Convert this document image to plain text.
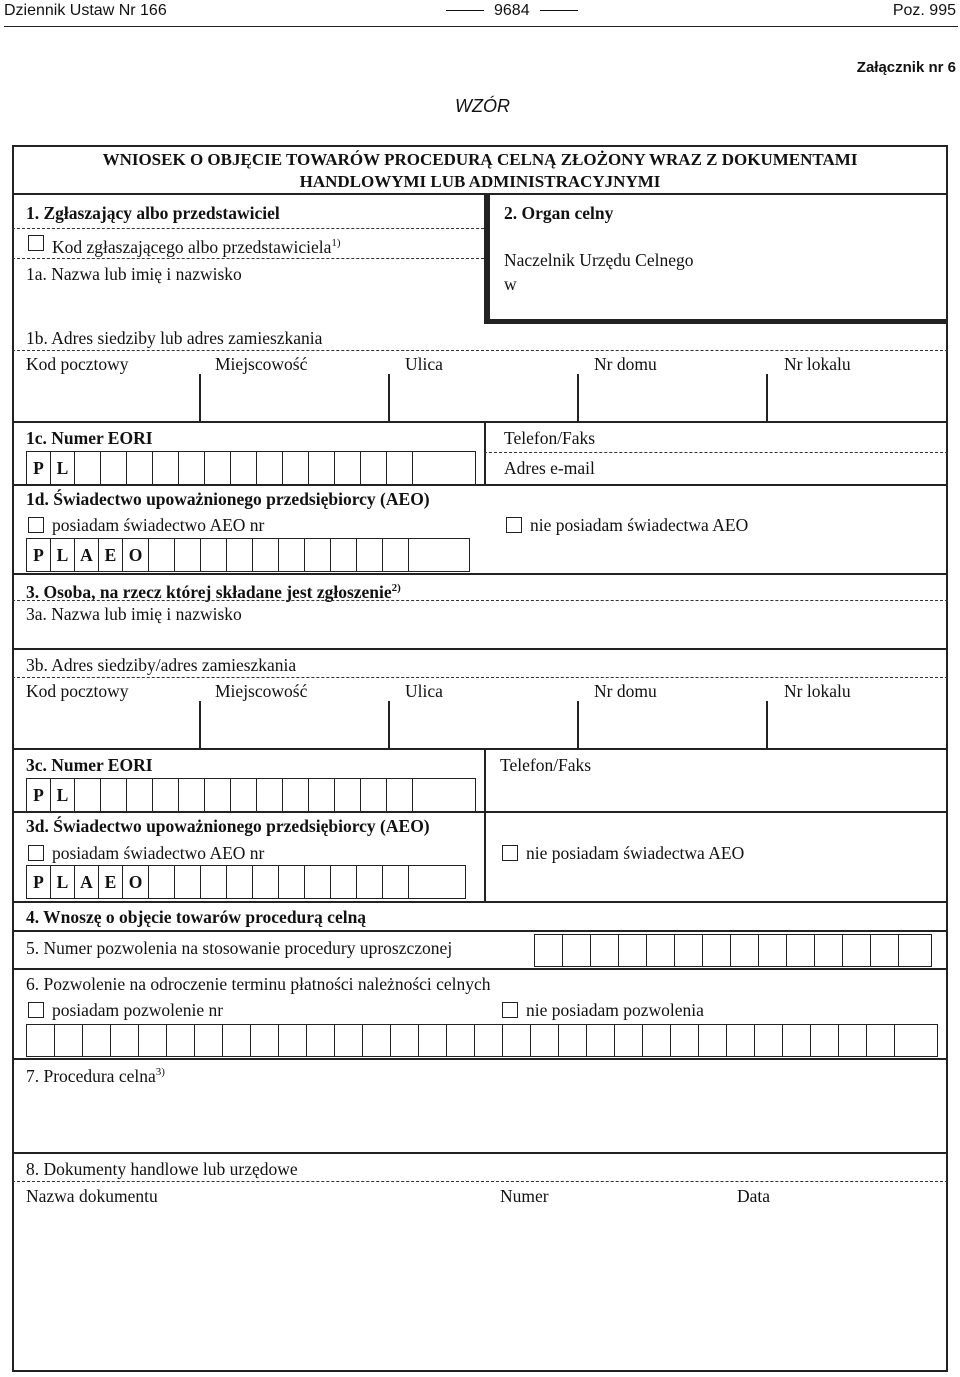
Dziennik Ustaw Nr 166	9684	Poz. 995
Załącznik nr 6
WZÓR
WNIOSEK O OBJĘCIE TOWARÓW PROCEDURĄ CELNĄ ZŁOŻONY WRAZ Z DOKUMENTAMI
HANDLOWYMI LUB ADMINISTRACYJNYMI
1. Zgłaszający albo przedstawiciel
Kod zgłaszającego albo przedstawiciela$^{1)}$
1a. Nazwa lub imię i nazwisko
2. Organ celny
Naczelnik Urzędu Celnego
w
1b. Adres siedziby lub adres zamieszkania
Kod pocztowy	Miejscowość	Ulica	Nr domu	Nr lokalu
1c. Numer EORI
P L
Telefon/Faks
Adres e-mail
1d. Świadectwo upoważnionego przedsiębiorcy (AEO)
posiadam świadectwo AEO nr	nie posiadam świadectwa AEO
P L A E O
3. Osoba, na rzecz której składane jest zgłoszenie$^{2)}$
3a. Nazwa lub imię i nazwisko
3b. Adres siedziby/adres zamieszkania
Kod pocztowy	Miejscowość	Ulica	Nr domu	Nr lokalu
3c. Numer EORI
P L
Telefon/Faks
3d. Świadectwo upoważnionego przedsiębiorcy (AEO)
posiadam świadectwo AEO nr	nie posiadam świadectwa AEO
P L A E O
4. Wnoszę o objęcie towarów procedurą celną
5. Numer pozwolenia na stosowanie procedury uproszczonej
6. Pozwolenie na odroczenie terminu płatności należności celnych
posiadam pozwolenie nr	nie posiadam pozwolenia
7. Procedura celna$^{3)}$
8. Dokumenty handlowe lub urzędowe
Nazwa dokumentu	Numer	Data
